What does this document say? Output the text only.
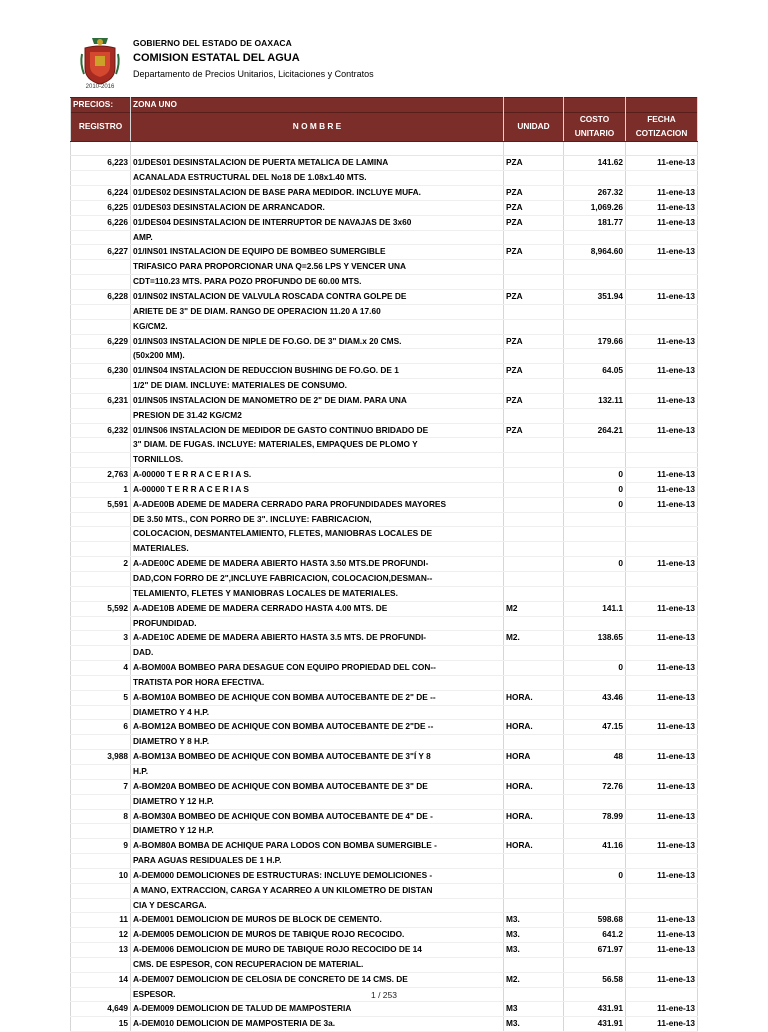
2010-2016
GOBIERNO DEL ESTADO DE OAXACA
COMISION ESTATAL DEL AGUA
Departamento de Precios Unitarios, Licitaciones y Contratos
PRECIOS:	ZONA UNO			
REGISTRO	N O M B R E	UNIDAD	COSTO
UNITARIO	FECHA
COTIZACION

6,223	01/DES01 DESINSTALACION DE PUERTA METALICA DE LAMINA	PZA	141.62	11-ene-13
	ACANALADA ESTRUCTURAL DEL No18 DE 1.08x1.40 MTS.			
6,224	01/DES02 DESINSTALACION DE BASE PARA MEDIDOR. INCLUYE MUFA.	PZA	267.32	11-ene-13
6,225	01/DES03 DESINSTALACION DE ARRANCADOR.	PZA	1,069.26	11-ene-13
6,226	01/DES04 DESINSTALACION DE INTERRUPTOR DE NAVAJAS DE 3x60	PZA	181.77	11-ene-13
	AMP.			
6,227	01/INS01 INSTALACION DE EQUIPO DE BOMBEO SUMERGIBLE	PZA	8,964.60	11-ene-13
	TRIFASICO PARA PROPORCIONAR UNA Q=2.56 LPS Y VENCER UNA			
	CDT=110.23 MTS. PARA POZO PROFUNDO DE 60.00 MTS.			
6,228	01/INS02 INSTALACION DE VALVULA ROSCADA CONTRA GOLPE DE	PZA	351.94	11-ene-13
	ARIETE DE 3" DE DIAM. RANGO DE OPERACION 11.20 A 17.60			
	KG/CM2.			
6,229	01/INS03 INSTALACION DE NIPLE DE FO.GO. DE 3" DIAM.x 20 CMS.	PZA	179.66	11-ene-13
	(50x200 MM).			
6,230	01/INS04 INSTALACION DE REDUCCION BUSHING DE FO.GO. DE 1	PZA	64.05	11-ene-13
	1/2" DE DIAM. INCLUYE: MATERIALES DE CONSUMO.			
6,231	01/INS05 INSTALACION DE MANOMETRO DE 2" DE DIAM. PARA UNA	PZA	132.11	11-ene-13
	PRESION DE 31.42 KG/CM2			
6,232	01/INS06 INSTALACION DE MEDIDOR DE GASTO CONTINUO BRIDADO DE	PZA	264.21	11-ene-13
	3" DIAM. DE FUGAS. INCLUYE: MATERIALES, EMPAQUES DE PLOMO Y			
	TORNILLOS.			
2,763	A-00000 T E R R A C E R I A S.		0	11-ene-13
1	A-00000 T E R R A C E R I A S		0	11-ene-13
5,591	A-ADE00B ADEME DE MADERA CERRADO PARA PROFUNDIDADES MAYORES		0	11-ene-13
	DE 3.50 MTS., CON PORRO DE 3". INCLUYE: FABRICACION,			
	COLOCACION, DESMANTELAMIENTO, FLETES, MANIOBRAS LOCALES DE			
	MATERIALES.			
2	A-ADE00C ADEME DE MADERA ABIERTO HASTA 3.50 MTS.DE PROFUNDI-		0	11-ene-13
	DAD,CON FORRO DE 2",INCLUYE FABRICACION, COLOCACION,DESMAN--			
	TELAMIENTO, FLETES Y MANIOBRAS LOCALES DE MATERIALES.			
5,592	A-ADE10B ADEME DE MADERA CERRADO HASTA 4.00 MTS. DE	M2	141.1	11-ene-13
	PROFUNDIDAD.			
3	A-ADE10C ADEME DE MADERA ABIERTO HASTA 3.5 MTS. DE PROFUNDI-	M2.	138.65	11-ene-13
	DAD.			
4	A-BOM00A BOMBEO PARA DESAGUE CON EQUIPO PROPIEDAD DEL CON--		0	11-ene-13
	TRATISTA POR HORA EFECTIVA.			
5	A-BOM10A BOMBEO DE ACHIQUE CON BOMBA AUTOCEBANTE DE 2" DE --	HORA.	43.46	11-ene-13
	DIAMETRO Y 4 H.P.			
6	A-BOM12A BOMBEO DE ACHIQUE CON BOMBA AUTOCEBANTE DE 2"DE --	HORA.	47.15	11-ene-13
	DIAMETRO Y 8 H.P.			
3,988	A-BOM13A BOMBEO DE ACHIQUE CON BOMBA AUTOCEBANTE DE 3"Í Y 8	HORA	48	11-ene-13
	H.P.			
7	A-BOM20A BOMBEO DE ACHIQUE CON BOMBA AUTOCEBANTE DE 3" DE	HORA.	72.76	11-ene-13
	DIAMETRO Y 12 H.P.			
8	A-BOM30A BOMBEO DE ACHIQUE CON BOMBA AUTOCEBANTE DE 4" DE -	HORA.	78.99	11-ene-13
	DIAMETRO Y 12 H.P.			
9	A-BOM80A BOMBA DE ACHIQUE PARA LODOS CON BOMBA SUMERGIBLE -	HORA.	41.16	11-ene-13
	PARA AGUAS RESIDUALES DE 1 H.P.			
10	A-DEM000 DEMOLICIONES DE ESTRUCTURAS: INCLUYE DEMOLICIONES -		0	11-ene-13
	A MANO, EXTRACCION, CARGA Y ACARREO A UN KILOMETRO DE DISTAN			
	CIA Y DESCARGA.			
11	A-DEM001 DEMOLICION DE MUROS DE BLOCK DE CEMENTO.	M3.	598.68	11-ene-13
12	A-DEM005 DEMOLICION DE MUROS DE TABIQUE ROJO RECOCIDO.	M3.	641.2	11-ene-13
13	A-DEM006 DEMOLICION DE MURO DE TABIQUE ROJO RECOCIDO DE 14	M3.	671.97	11-ene-13
	CMS. DE ESPESOR, CON RECUPERACION DE MATERIAL.			
14	A-DEM007 DEMOLICION DE CELOSIA DE CONCRETO DE 14 CMS. DE	M2.	56.58	11-ene-13
	ESPESOR.			
4,649	A-DEM009 DEMOLICION DE TALUD DE MAMPOSTERIA	M3	431.91	11-ene-13
15	A-DEM010 DEMOLICION DE MAMPOSTERIA DE 3a.	M3.	431.91	11-ene-13
1 / 253
